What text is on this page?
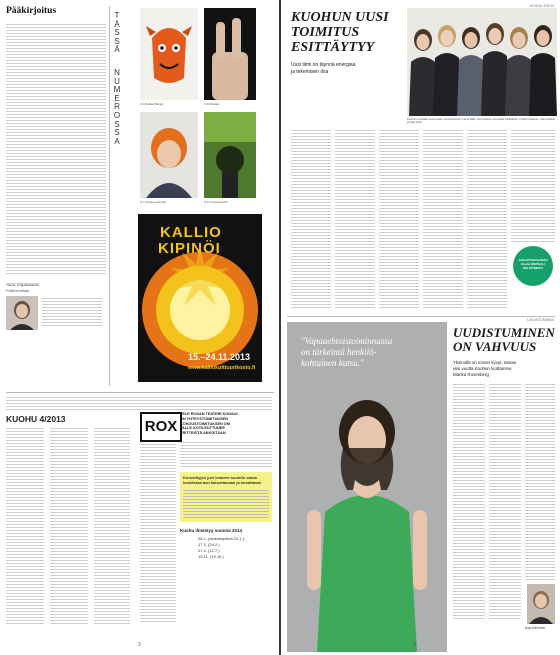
Pääkirjoitus
Aura Vapaavuori
Päätoimittaja
T
Ä
S
S
Ä
N
U
M
E
R
O
S
S
A
S.4 Pelkät Bängit	S.6 Rielsek
S.7 Kuuma voinoita	S.11 Kuva Kaarlin
KALLIO
KIPINÖI
15.–24.11.2013
www.kalliokulttuurikosto.fi
KUOHU 4/2013	ROX
TELE ROSAN TEATERI KOHAUI
ON YHTEYSTOIMITUKSEN
KOKOUSTOIMITUKSEN OM
TALLE KOTILEUTTUNEE
ERITTEISTÄ AKKOITAAN
Korssittyjen juvi kotaren suuntin omaa kohdistaa asu katsottavaan ja suoattavat
Kuohu ilmestyy vuonna 2014
26.1. (aineistopäivä 22.1.)
17.3. (24.2.)
27.4. (12.7.)
19.11. (15.10.)
2
KUOHU 4/2013
KUOHUN UUSI
TOIMITUS
ESITTÄYTYY
Uusi tiimi on täynnä energiaa
ja tekemisen iloa
Kuohun toimittajat vasemmalta: Kirsi Mustonen, Laura Mäki, Outi Ahlroos, Anna-Mari Kärkkäinen, Pirkka Tiirikainen, Satu Kalliola ja Katri Kärki.
JAGUATCHI KOHSAH
Kuohu DIGITAALI
BIG PAYMENT!
"Vapaaehtoistoiminnassa
on tärkeintä henkilö-
kohtainen kutsu."
UUDISTUMINEN
UUDISTUMINEN
ON VAHVUUS
Yksinollä on monet kyvyt, toteaa
viisi vuotta Kuohun luottamme
Marika Rosenberg
Anja Kähönen
3
